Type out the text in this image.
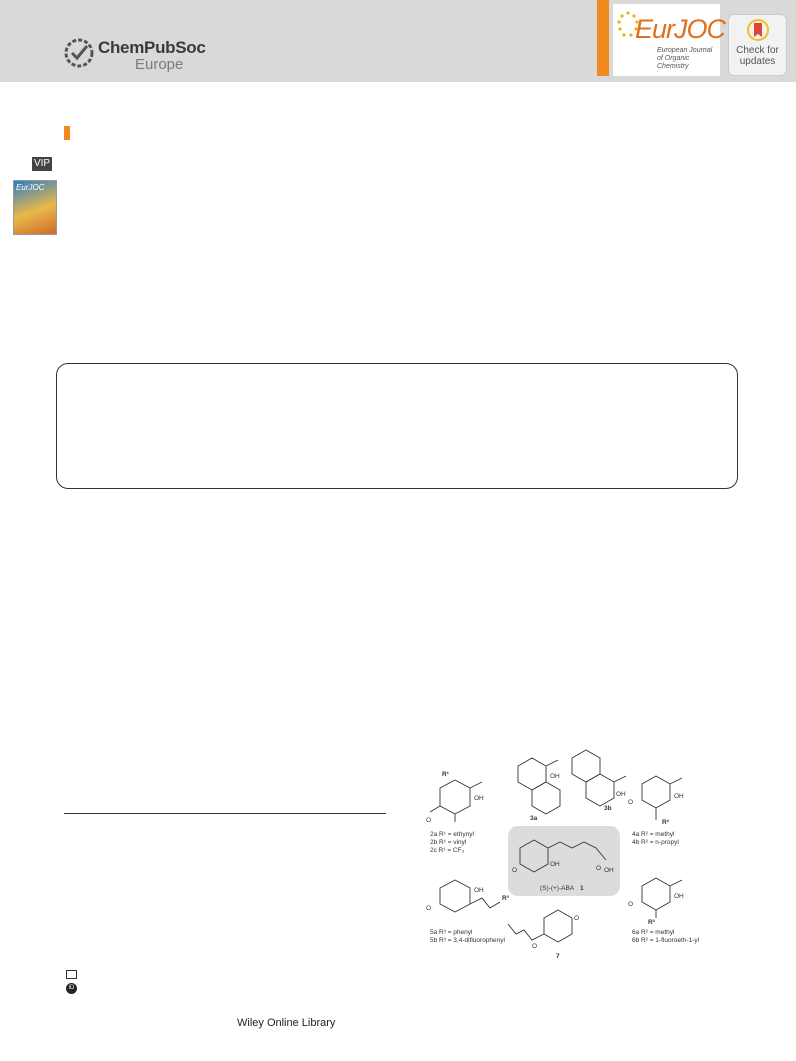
ChemPubSoc
Europe
EurJOC
European Journal
of Organic Chemistry
Check for
updates
VIP
EurJOC
iD
Wiley Online Library
R¹
O
OH
2a R¹ = ethynyl
2b R¹ = vinyl
2c R¹ = CF₃
OH
3a
OH
3b
OH
O
R²
4a R² = methyl
4b R² = n-propyl
O
OH
O OH
(S)-(+)-ABA 1
O
OH
R³
5a R³ = phenyl
5b R³ = 3,4-difluorophenyl
O
OH
R²
6a R² = methyl
6b R² = 1-fluoroeth-1-yl
O
O
7
